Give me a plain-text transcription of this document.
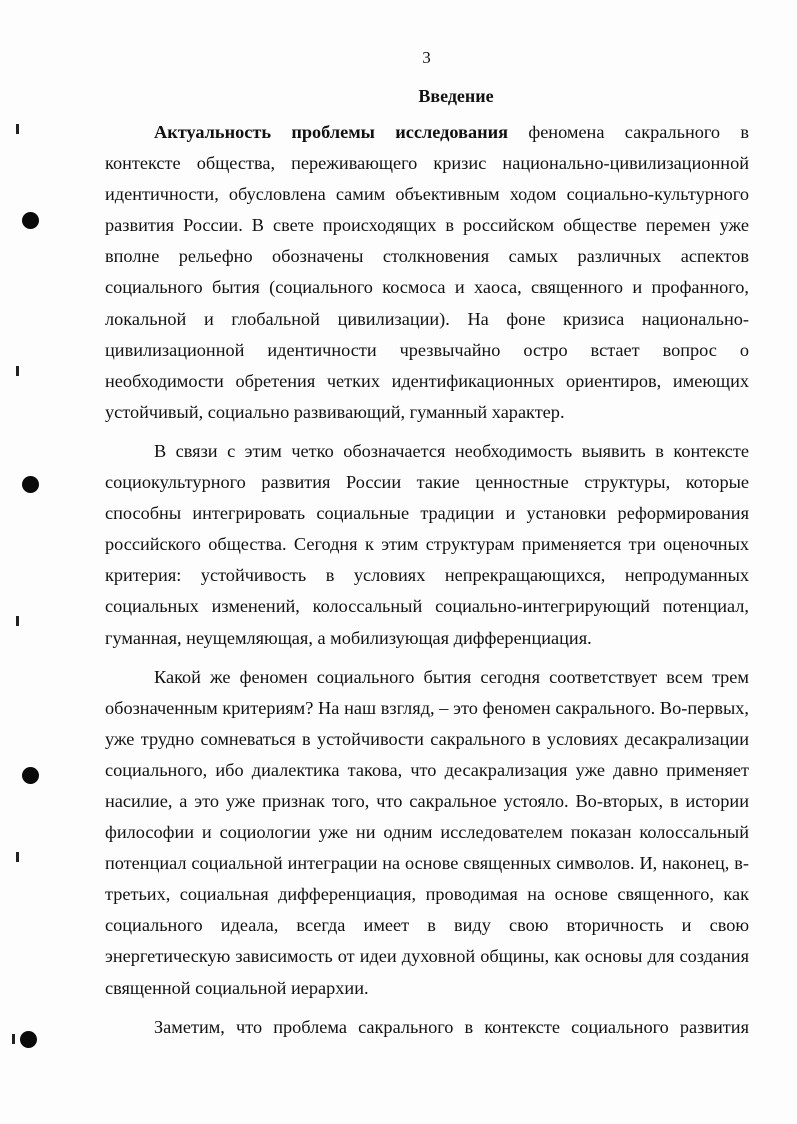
3
Введение

Актуальность проблемы исследования феномена сакрального в контексте общества, переживающего кризис национально-цивилизационной идентичности, обусловлена самим объективным ходом социально-культурного развития России. В свете происходящих в российском обществе перемен уже вполне рельефно обозначены столкновения самых различных аспектов социального бытия (социального космоса и хаоса, священного и профанного, локальной и глобальной цивилизации). На фоне кризиса национально-цивилизационной идентичности чрезвычайно остро встает вопрос о необходимости обретения четких идентификационных ориентиров, имеющих устойчивый, социально развивающий, гуманный характер.

В связи с этим четко обозначается необходимость выявить в контексте социокультурного развития России такие ценностные структуры, которые способны интегрировать социальные традиции и установки реформирования российского общества. Сегодня к этим структурам применяется три оценочных критерия: устойчивость в условиях непрекращающихся, непродуманных социальных изменений, колоссальный социально-интегрирующий потенциал, гуманная, неущемляющая, а мобилизующая дифференциация.

Какой же феномен социального бытия сегодня соответствует всем трем обозначенным критериям? На наш взгляд, – это феномен сакрального. Во-первых, уже трудно сомневаться в устойчивости сакрального в условиях десакрализации социального, ибо диалектика такова, что десакрализация уже давно применяет насилие, а это уже признак того, что сакральное устояло. Во-вторых, в истории философии и социологии уже ни одним исследователем показан колоссальный потенциал социальной интеграции на основе священных символов. И, наконец, в-третьих, социальная дифференциация, проводимая на основе священного, как социального идеала, всегда имеет в виду свою вторичность и свою энергетическую зависимость от идеи духовной общины, как основы для создания священной социальной иерархии.

Заметим, что проблема сакрального в контексте социального развития
